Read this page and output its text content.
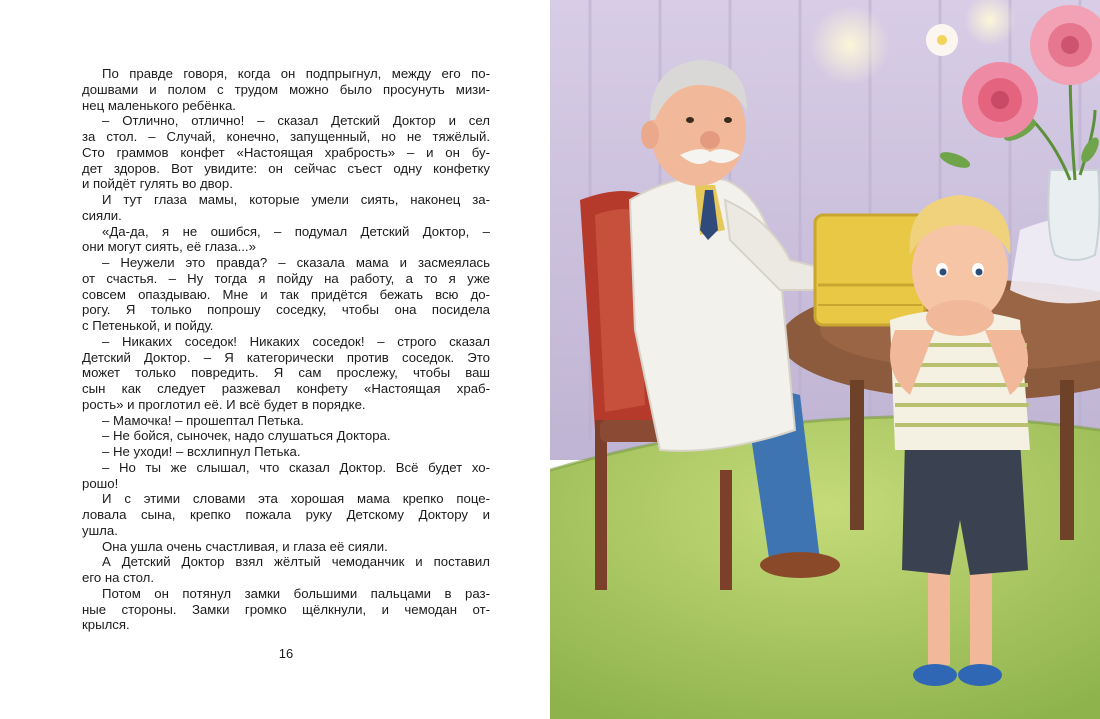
По правде говоря, когда он подпрыгнул, между его по-
дошвами и полом с трудом можно было просунуть мизи-
нец маленького ребёнка.
– Отлично, отлично! – сказал Детский Доктор и сел
за стол. – Случай, конечно, запущенный, но не тяжёлый.
Сто граммов конфет «Настоящая храбрость» – и он бу-
дет здоров. Вот увидите: он сейчас съест одну конфетку
и пойдёт гулять во двор.
И тут глаза мамы, которые умели сиять, наконец за-
сияли.
«Да-да, я не ошибся, – подумал Детский Доктор, –
они могут сиять, её глаза...»
– Неужели это правда? – сказала мама и засмеялась
от счастья. – Ну тогда я пойду на работу, а то я уже
совсем опаздываю. Мне и так придётся бежать всю до-
рогу. Я только попрошу соседку, чтобы она посидела
с Петенькой, и пойду.
– Никаких соседок! Никаких соседок! – строго сказал
Детский Доктор. – Я категорически против соседок. Это
может только повредить. Я сам прослежу, чтобы ваш
сын как следует разжевал конфету «Настоящая храб-
рость» и проглотил её. И всё будет в порядке.
– Мамочка! – прошептал Петька.
– Не бойся, сыночек, надо слушаться Доктора.
– Не уходи! – всхлипнул Петька.
– Но ты же слышал, что сказал Доктор. Всё будет хо-
рошо!
И с этими словами эта хорошая мама крепко поце-
ловала сына, крепко пожала руку Детскому Доктору и
ушла.
Она ушла очень счастливая, и глаза её сияли.
А Детский Доктор взял жёлтый чемоданчик и поставил
его на стол.
Потом он потянул замки большими пальцами в раз-
ные стороны. Замки громко щёлкнули, и чемодан от-
крылся.
16
